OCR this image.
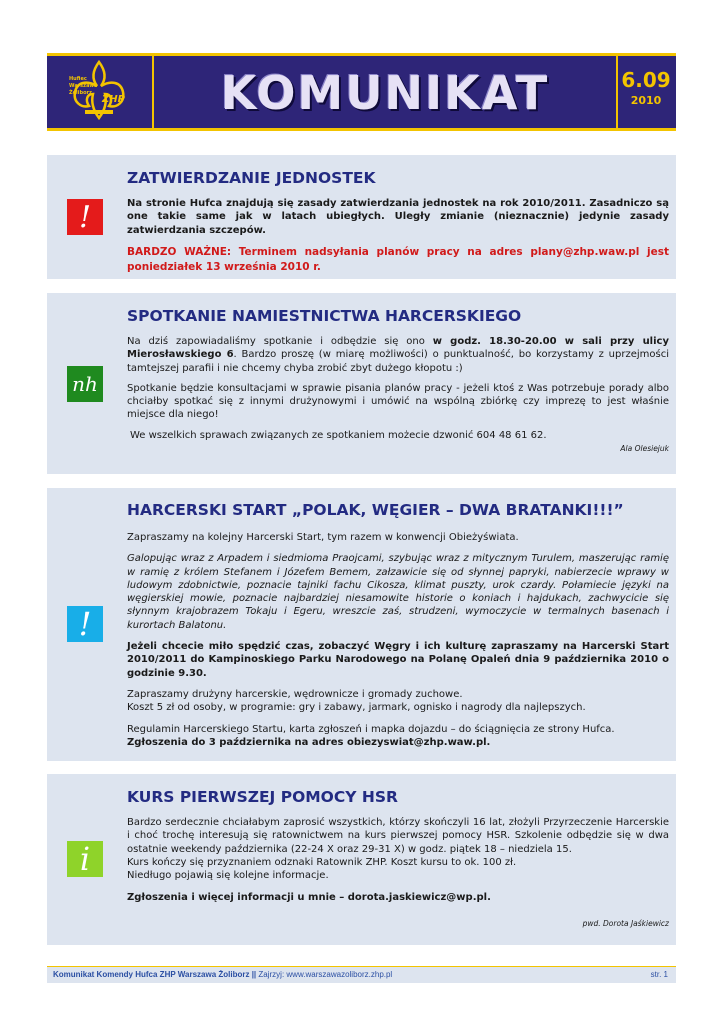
Hufiec
Warszawa
Żoliborz
ZHP	KOMUNIKAT	6.09
2010
!
ZATWIERDZANIE JEDNOSTEK

Na stronie Hufca znajdują się zasady zatwierdzania jednostek na rok 2010/2011. Zasadniczo są one takie same jak w latach ubiegłych. Uległy zmianie (nieznacznie) jedynie zasady zatwierdzania szczepów.

BARDZO WAŻNE: Terminem nadsyłania planów pracy na adres plany@zhp.waw.pl jest poniedziałek 13 września 2010 r.

nh
SPOTKANIE NAMIESTNICTWA HARCERSKIEGO

Na dziś zapowiadaliśmy spotkanie i odbędzie się ono w godz. 18.30-20.00 w sali przy ulicy Mierosławskiego 6. Bardzo proszę (w miarę możliwości) o punktualność, bo korzystamy z uprzejmości tamtejszej parafii i nie chcemy chyba zrobić zbyt dużego kłopotu :)

Spotkanie będzie konsultacjami w sprawie pisania planów pracy - jeżeli ktoś z Was potrzebuje porady albo chciałby spotkać się z innymi drużynowymi i umówić na wspólną zbiórkę czy imprezę to jest właśnie miejsce dla niego!

We wszelkich sprawach związanych ze spotkaniem możecie dzwonić 604 48 61 62.

Ala Olesiejuk

!
HARCERSKI START „POLAK, WĘGIER – DWA BRATANKI!!!”

Zapraszamy na kolejny Harcerski Start, tym razem w konwencji Obieżyświata.

Galopując wraz z Arpadem i siedmioma Praojcami, szybując wraz z mitycznym Turulem, maszerując ramię w ramię z królem Stefanem i Józefem Bemem, załzawicie się od słynnej papryki, nabierzecie wprawy w ludowym zdobnictwie, poznacie tajniki fachu Cikosza, klimat puszty, urok czardy. Połamiecie języki na węgierskiej mowie, poznacie najbardziej niesamowite historie o koniach i hajdukach, zachwycicie się słynnym krajobrazem Tokaju i Egeru, wreszcie zaś, strudzeni, wymoczycie w termalnych basenach i kurortach Balatonu.

Jeżeli chcecie miło spędzić czas, zobaczyć Węgry i ich kulturę zapraszamy na Harcerski Start 2010/2011 do Kampinoskiego Parku Narodowego na Polanę Opaleń dnia 9 października 2010 o godzinie 9.30.

Zapraszamy drużyny harcerskie, wędrownicze i gromady zuchowe.
Koszt 5 zł od osoby, w programie: gry i zabawy, jarmark, ognisko i nagrody dla najlepszych.

Regulamin Harcerskiego Startu, karta zgłoszeń i mapka dojazdu – do ściągnięcia ze strony Hufca.
Zgłoszenia do 3 października na adres obiezyswiat@zhp.waw.pl.

i
KURS PIERWSZEJ POMOCY HSR

Bardzo serdecznie chciałabym zaprosić wszystkich, którzy skończyli 16 lat, złożyli Przyrzeczenie Harcerskie i choć trochę interesują się ratownictwem na kurs pierwszej pomocy HSR. Szkolenie odbędzie się w dwa ostatnie weekendy października (22-24 X oraz 29-31 X) w godz. piątek 18 – niedziela 15.
Kurs kończy się przyznaniem odznaki Ratownik ZHP. Koszt kursu to ok. 100 zł.
Niedługo pojawią się kolejne informacje.

Zgłoszenia i więcej informacji u mnie – dorota.jaskiewicz@wp.pl.

pwd. Dorota Jaśkiewicz

Komunikat Komendy Hufca ZHP Warszawa Żoliborz || Zajrzyj: www.warszawazoliborz.zhp.pl	str. 1
